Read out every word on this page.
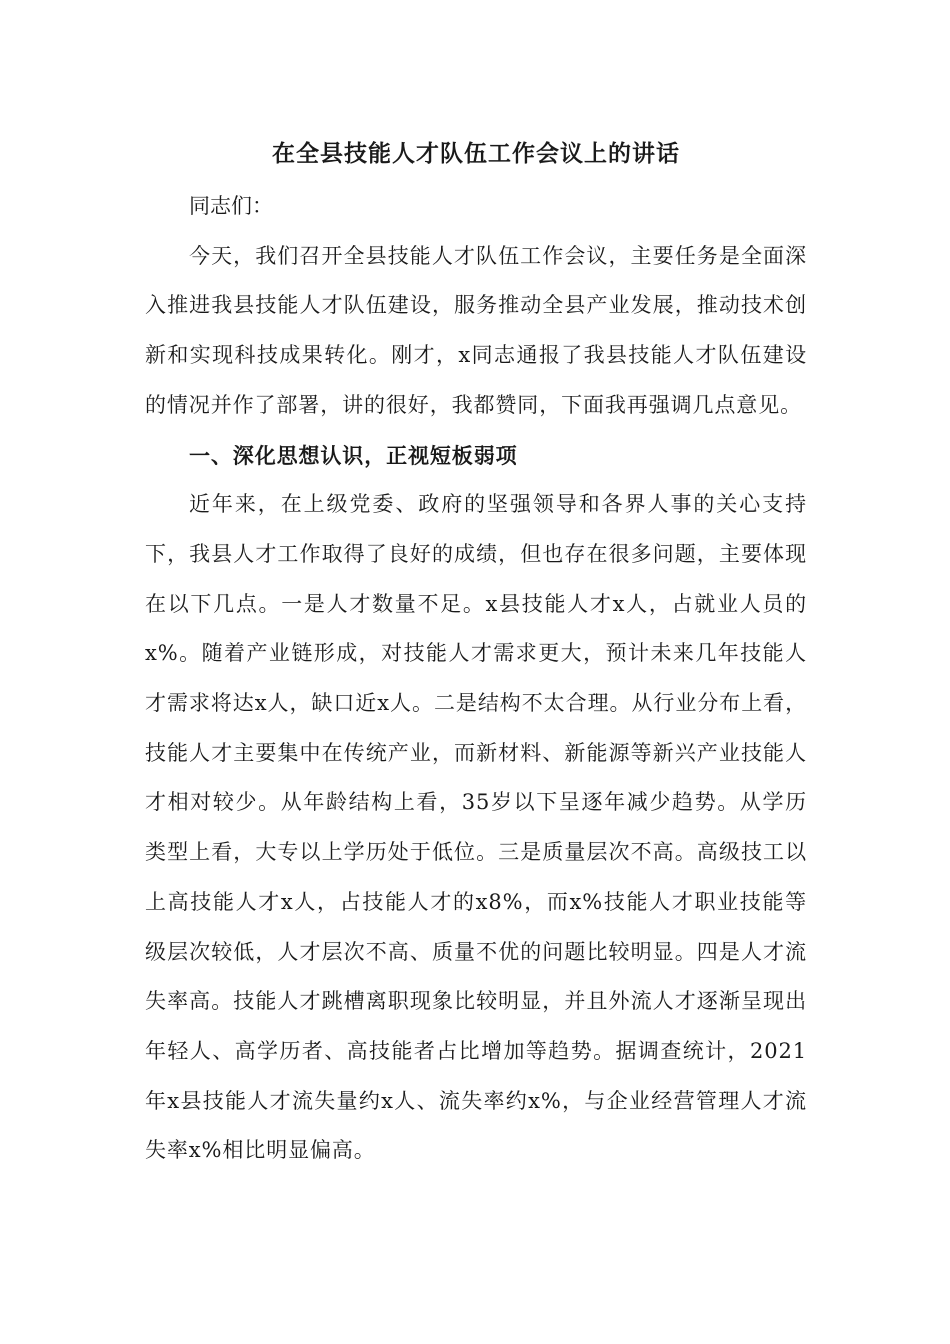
在全县技能人才队伍工作会议上的讲话

同志们：

今天，我们召开全县技能人才队伍工作会议，主要任务是全面深入推进我县技能人才队伍建设，服务推动全县产业发展，推动技术创新和实现科技成果转化。刚才，x同志通报了我县技能人才队伍建设的情况并作了部署，讲的很好，我都赞同，下面我再强调几点意见。

一、深化思想认识，正视短板弱项

近年来，在上级党委、政府的坚强领导和各界人事的关心支持下，我县人才工作取得了良好的成绩，但也存在很多问题，主要体现在以下几点。一是人才数量不足。x县技能人才x人，占就业人员的x%。随着产业链形成，对技能人才需求更大，预计未来几年技能人才需求将达x人，缺口近x人。二是结构不太合理。从行业分布上看，技能人才主要集中在传统产业，而新材料、新能源等新兴产业技能人才相对较少。从年龄结构上看，35岁以下呈逐年减少趋势。从学历类型上看，大专以上学历处于低位。三是质量层次不高。高级技工以上高技能人才x人，占技能人才的x8%，而x%技能人才职业技能等级层次较低，人才层次不高、质量不优的问题比较明显。四是人才流失率高。技能人才跳槽离职现象比较明显，并且外流人才逐渐呈现出年轻人、高学历者、高技能者占比增加等趋势。据调查统计，2021年x县技能人才流失量约x人、流失率约x%，与企业经营管理人才流失率x%相比明显偏高。
